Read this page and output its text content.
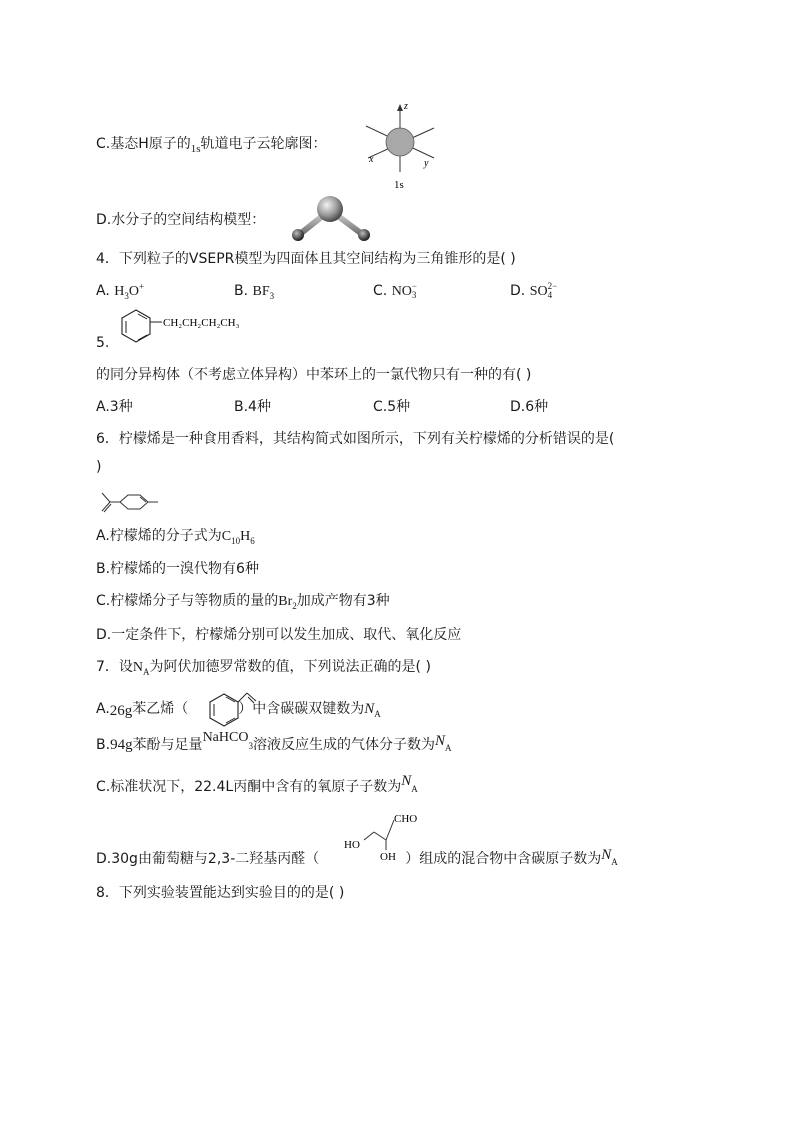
C.基态H原子的$_{1s}$轨道电子云轮廓图：
z
x	y
1s
D.水分子的空间结构模型：
4．下列粒子的VSEPR模型为四面体且其空间结构为三角锥形的是( )
A. $H_3O^+$	B. $BF_3$	C. NO −
3	D. SO 2−
4
5.
CH₂CH₂CH₂CH₃
的同分异构体（不考虑立体异构）中苯环上的一氯代物只有一种的有( )
A.3种	B.4种	C.5种	D.6种
6．柠檬烯是一种食用香料，其结构简式如图所示，下列有关柠檬烯的分析错误的是(
)
A.柠檬烯的分子式为$C_{10}H_6$
B.柠檬烯的一溴代物有6种
C.柠檬烯分子与等物质的量的$Br_2$加成产物有3种
D.一定条件下，柠檬烯分别可以发生加成、取代、氧化反应
7．设$N_A$为阿伏加德罗常数的值，下列说法正确的是( )
A.26g苯乙烯（	）中含碳碳双键数为$N_A$
B.94g苯酚与足量NaHCO$_3$溶液反应生成的气体分子数为$N_A$
C.标准状况下，22.4L丙酮中含有的氧原子子数为$N_A$
CHO
HO
OH
D.30g由葡萄糖与2,3-二羟基丙醛（	）组成的混合物中含碳原子数为$N_A$
8．下列实验装置能达到实验目的的是( )
